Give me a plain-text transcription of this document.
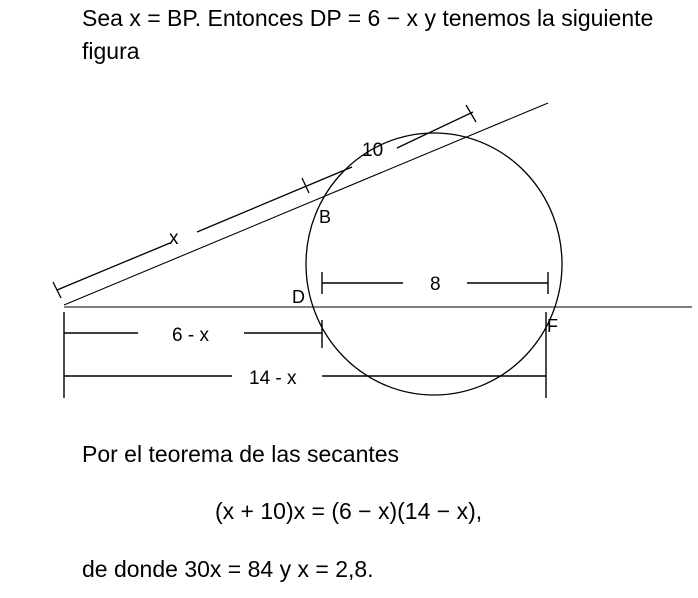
Sea x = BP. Entonces DP = 6 − x y tenemos la siguiente figura

x
10
B
D
F
8
6 - x
14 - x

Por el teorema de las secantes

(x + 10)x = (6 − x)(14 − x),

de donde 30x = 84 y x = 2,8.
